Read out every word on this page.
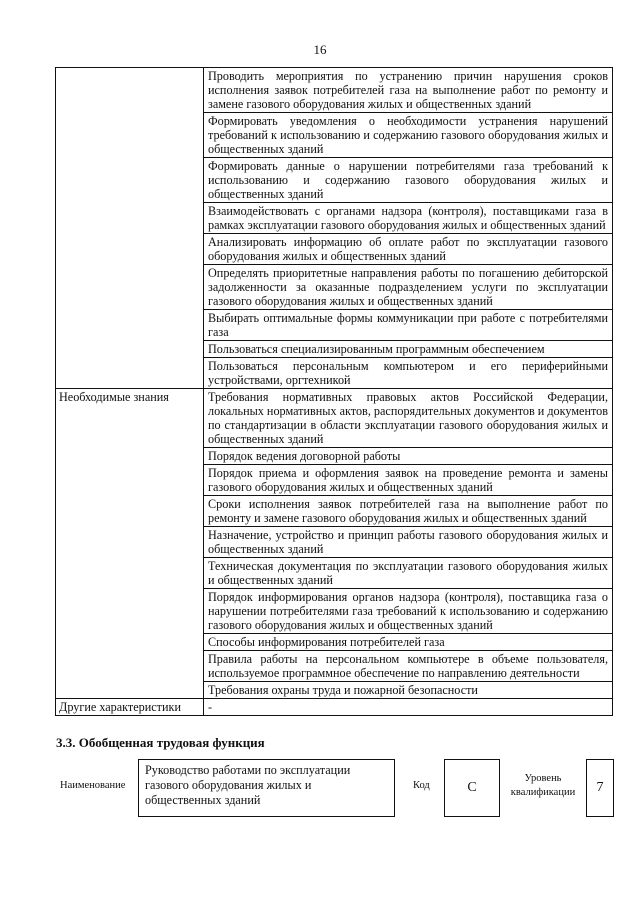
16
	Проводить мероприятия по устранению причин нарушения сроков исполнения заявок потребителей газа на выполнение работ по ремонту и замене газового оборудования жилых и общественных зданий
	Формировать уведомления о необходимости устранения нарушений требований к использованию и содержанию газового оборудования жилых и общественных зданий
	Формировать данные о нарушении потребителями газа требований к использованию и содержанию газового оборудования жилых и общественных зданий
	Взаимодействовать с органами надзора (контроля), поставщиками газа в рамках эксплуатации газового оборудования жилых и общественных зданий
	Анализировать информацию об оплате работ по эксплуатации газового оборудования жилых и общественных зданий
	Определять приоритетные направления работы по погашению дебиторской задолженности за оказанные подразделением услуги по эксплуатации газового оборудования жилых и общественных зданий
	Выбирать оптимальные формы коммуникации при работе с потребителями газа
	Пользоваться специализированным программным обеспечением
	Пользоваться персональным компьютером и его периферийными устройствами, оргтехникой
Необходимые знания	Требования нормативных правовых актов Российской Федерации, локальных нормативных актов, распорядительных документов и документов по стандартизации в области эксплуатации газового оборудования жилых и общественных зданий
	Порядок ведения договорной работы
	Порядок приема и оформления заявок на проведение ремонта и замены газового оборудования жилых и общественных зданий
	Сроки исполнения заявок потребителей газа на выполнение работ по ремонту и замене газового оборудования жилых и общественных зданий
	Назначение, устройство и принцип работы газового оборудования жилых и общественных зданий
	Техническая документация по эксплуатации газового оборудования жилых и общественных зданий
	Порядок информирования органов надзора (контроля), поставщика газа о нарушении потребителями газа требований к использованию и содержанию газового оборудования жилых и общественных зданий
	Способы информирования потребителей газа
	Правила работы на персональном компьютере в объеме пользователя, используемое программное обеспечение по направлению деятельности
	Требования охраны труда и пожарной безопасности
Другие характеристики	-
3.3. Обобщенная трудовая функция
Наименование
Руководство работами по эксплуатации газового оборудования жилых и общественных зданий
Код	C
Уровень квалификации	7
